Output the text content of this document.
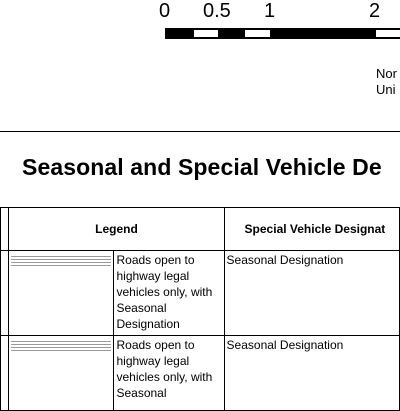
0 0.5 1	2
Nor
Uni
Seasonal and Special Vehicle De
	Legend		Special Vehicle Designat

	Roads open to highway legal vehicles only, with Seasonal Designation	Seasonal Designation

	Roads open to highway legal vehicles only, with Seasonal	Seasonal Designation
